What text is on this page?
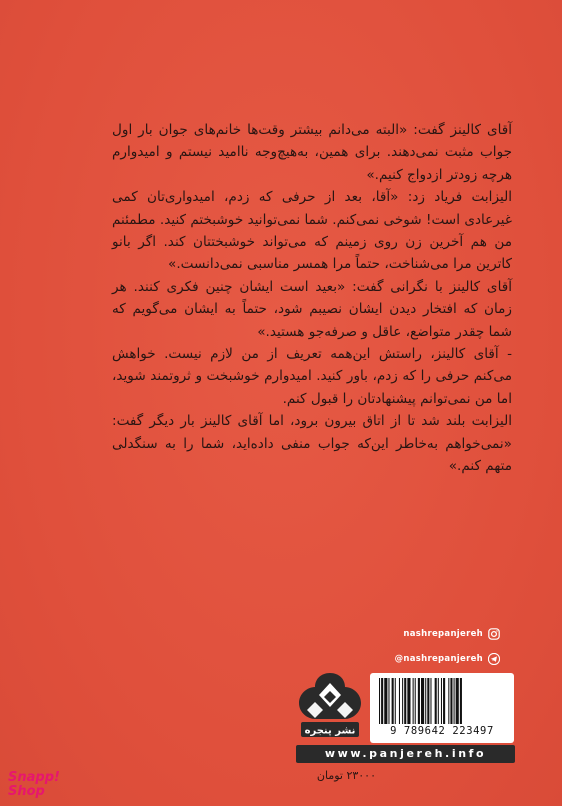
آقای کالینز گفت: «البته می‌دانم بیشتر وقت‌ها خانم‌های جوان بار اول جواب مثبت نمی‌دهند. برای همین، به‌هیچ‌وجه ناامید نیستم و امیدوارم هرچه زودتر ازدواج کنیم.»

الیزابت فریاد زد: «آقا، بعد از حرفی که زدم، امیدواری‌تان کمی غیرعادی است! شوخی نمی‌کنم. شما نمی‌توانید خوشبختم کنید. مطمئنم من هم آخرین زن روی زمینم که می‌تواند خوشبختتان کند. اگر بانو کاترین مرا می‌شناخت، حتماً مرا همسر مناسبی نمی‌دانست.»

آقای کالینز با نگرانی گفت: «بعید است ایشان چنین فکری کنند. هر زمان که افتخار دیدن ایشان نصیبم شود، حتماً به ایشان می‌گویم که شما چقدر متواضع، عاقل و صرفه‌جو هستید.»

- آقای کالینز، راستش این‌همه تعریف از من لازم نیست. خواهش می‌کنم حرفی را که زدم، باور کنید. امیدوارم خوشبخت و ثروتمند شوید، اما من نمی‌توانم پیشنهادتان را قبول کنم.

الیزابت بلند شد تا از اتاق بیرون برود، اما آقای کالینز بار دیگر گفت: «نمی‌خواهم به‌خاطر این‌که جواب منفی داده‌اید، شما را به سنگدلی متهم کنم.»

nashrepanjereh
@nashrepanjereh
نشر پنجره	9 789642 223497
www.panjereh.info
۲۳۰۰۰ تومان
Snapp!
Shop
